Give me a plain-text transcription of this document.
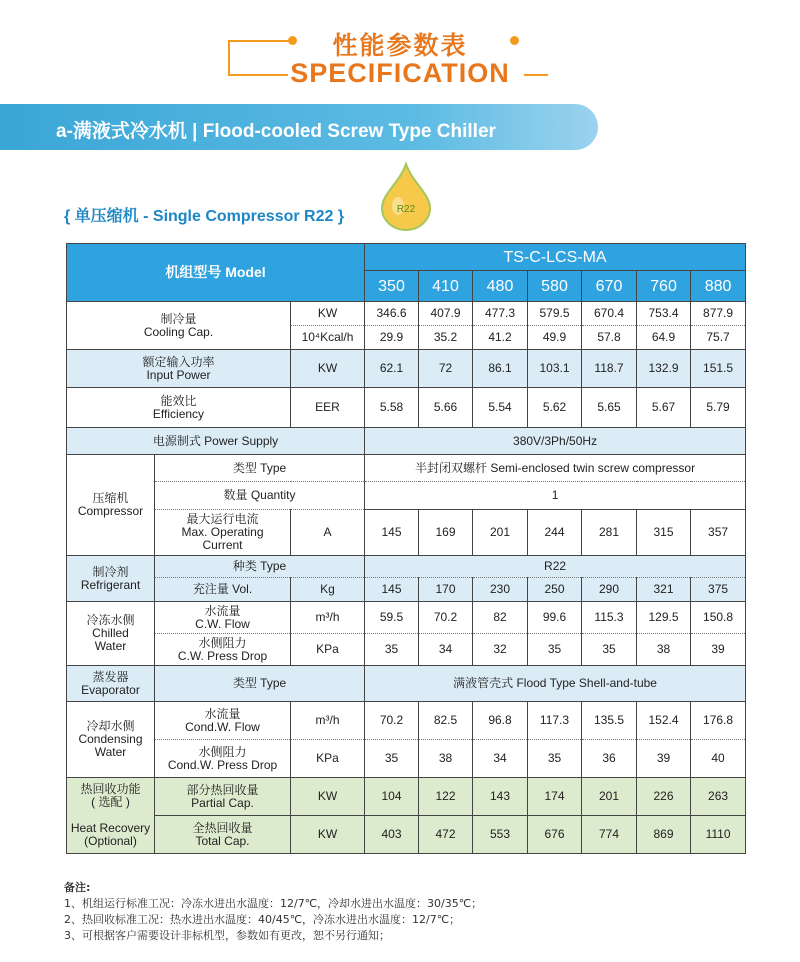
性能参数表
SPECIFICATION
a-满液式冷水机 | Flood-cooled Screw Type Chiller
{ 单压缩机 - Single Compressor R22 }	R22
机组型号 Model			TS-C-LCS-MA						
			350	410	480	580	670	760	880
制冷量
Cooling Cap.		KW	346.6	407.9	477.3	579.5	670.4	753.4	877.9
		10⁴Kcal/h	29.9	35.2	41.2	49.9	57.8	64.9	75.7
额定输入功率
Input Power		KW	62.1	72	86.1	103.1	118.7	132.9	151.5
能效比
Efficiency		EER	5.58	5.66	5.54	5.62	5.65	5.67	5.79
电源制式 Power Supply			380V/3Ph/50Hz						
压缩机
Compressor	类型 Type		半封闭双螺杆 Semi-enclosed twin screw compressor						
	数量 Quantity		1						
	最大运行电流
Max. Operating
Current	A	145	169	201	244	281	315	357
制冷剂
Refrigerant	种类 Type		R22						
	充注量 Vol.	Kg	145	170	230	250	290	321	375
冷冻水侧
Chilled
Water	水流量
C.W. Flow	m³/h	59.5	70.2	82	99.6	115.3	129.5	150.8
	水侧阻力
C.W. Press Drop	KPa	35	34	32	35	35	38	39
蒸发器
Evaporator	类型 Type		满液管壳式 Flood Type Shell-and-tube						
冷却水侧
Condensing
Water	水流量
Cond.W. Flow	m³/h	70.2	82.5	96.8	117.3	135.5	152.4	176.8
	水侧阻力
Cond.W. Press Drop	KPa	35	38	34	35	36	39	40
热回收功能
( 选配 )

Heat Recovery
(Optional)	部分热回收量
Partial Cap.	KW	104	122	143	174	201	226	263
	全热回收量
Total Cap.	KW	403	472	553	676	774	869	1110
备注:
1、机组运行标准工况：冷冻水进出水温度：12/7℃，冷却水进出水温度：30/35℃；
2、热回收标准工况：热水进出水温度：40/45℃，冷冻水进出水温度：12/7℃；
3、可根据客户需要设计非标机型，参数如有更改，恕不另行通知；
